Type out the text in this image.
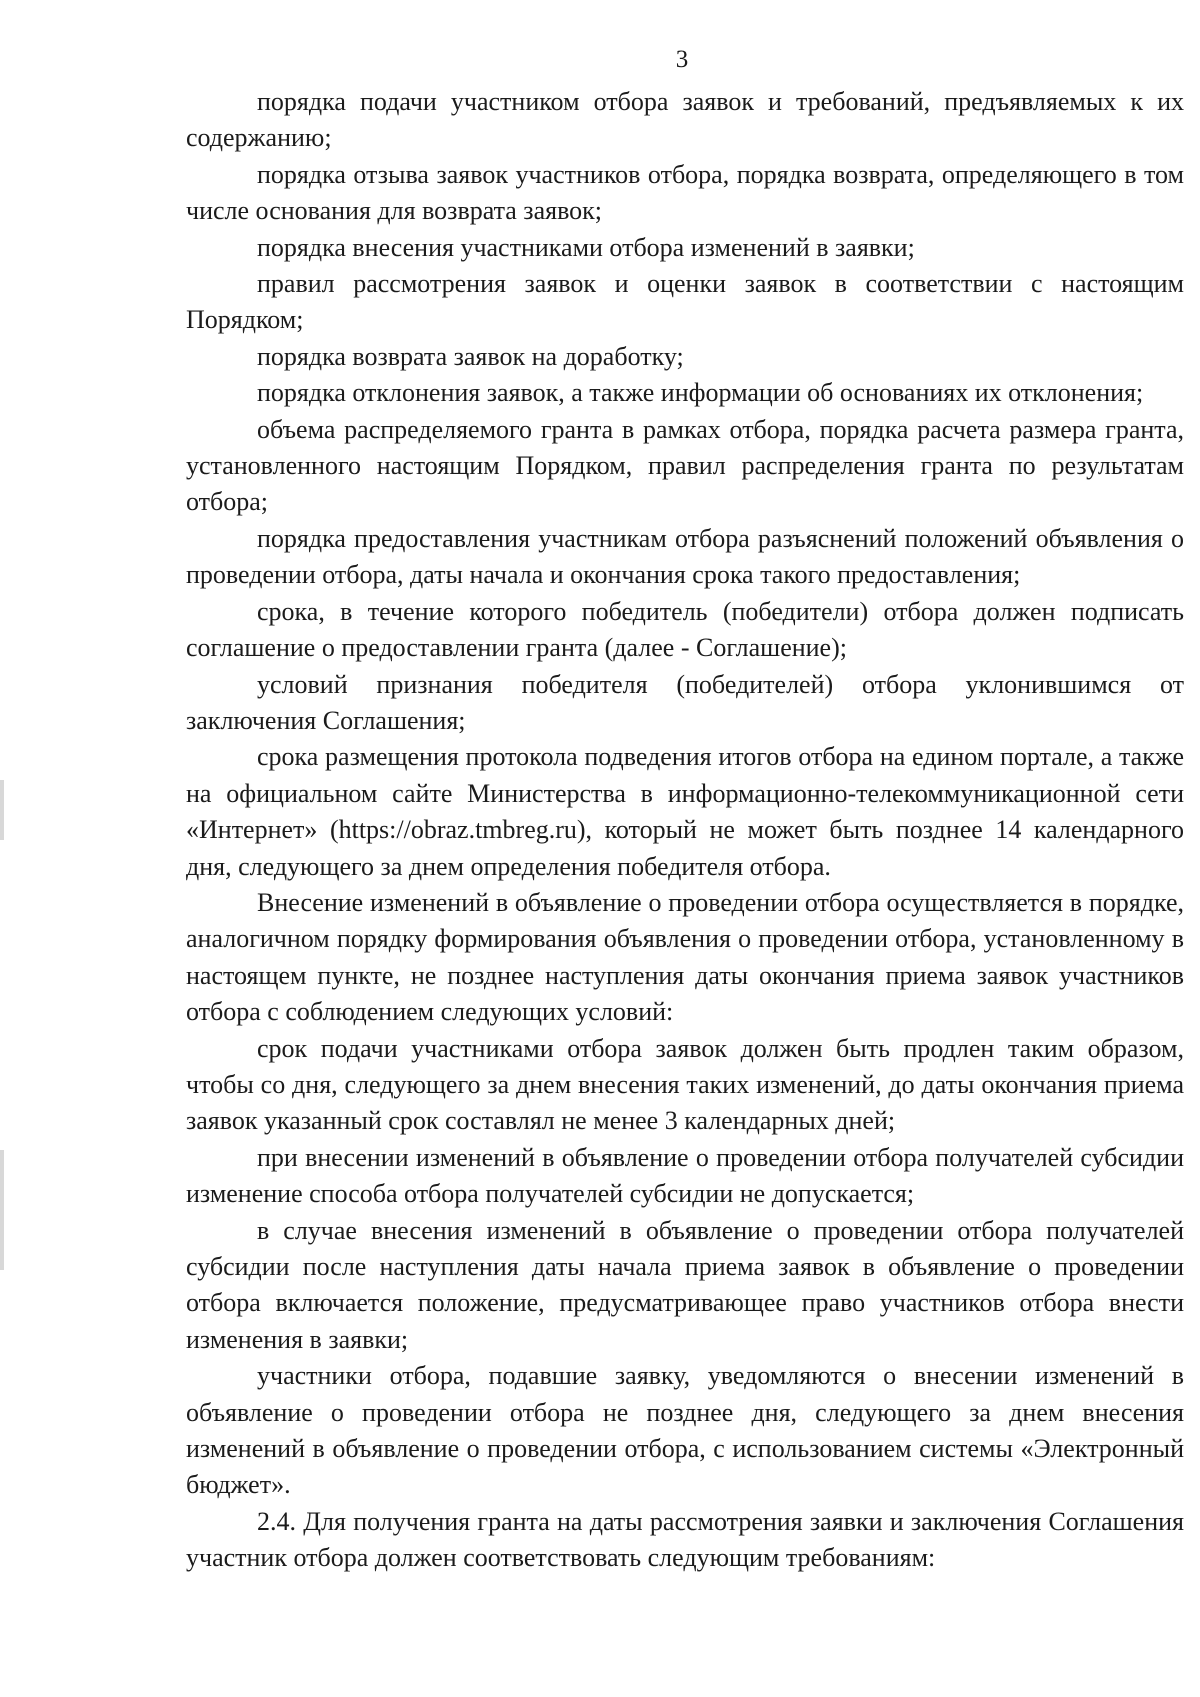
3

порядка подачи участником отбора заявок и требований, предъявляемых к их содержанию;

порядка отзыва заявок участников отбора, порядка возврата, определяющего в том числе основания для возврата заявок;

порядка внесения участниками отбора изменений в заявки;

правил рассмотрения заявок и оценки заявок в соответствии с настоящим Порядком;

порядка возврата заявок на доработку;

порядка отклонения заявок, а также информации об основаниях их отклонения;

объема распределяемого гранта в рамках отбора, порядка расчета размера гранта, установленного настоящим Порядком, правил распределения гранта по результатам отбора;

порядка предоставления участникам отбора разъяснений положений объявления о проведении отбора, даты начала и окончания срока такого предоставления;

срока, в течение которого победитель (победители) отбора должен подписать соглашение о предоставлении гранта (далее - Соглашение);

условий признания победителя (победителей) отбора уклонившимся от заключения Соглашения;

срока размещения протокола подведения итогов отбора на едином портале, а также на официальном сайте Министерства в информационно-телекоммуникационной сети «Интернет» (https://obraz.tmbreg.ru), который не может быть позднее 14 календарного дня, следующего за днем определения победителя отбора.

Внесение изменений в объявление о проведении отбора осуществляется в порядке, аналогичном порядку формирования объявления о проведении отбора, установленному в настоящем пункте, не позднее наступления даты окончания приема заявок участников отбора с соблюдением следующих условий:

срок подачи участниками отбора заявок должен быть продлен таким образом, чтобы со дня, следующего за днем внесения таких изменений, до даты окончания приема заявок указанный срок составлял не менее 3 календарных дней;

при внесении изменений в объявление о проведении отбора получателей субсидии изменение способа отбора получателей субсидии не допускается;

в случае внесения изменений в объявление о проведении отбора получателей субсидии после наступления даты начала приема заявок в объявление о проведении отбора включается положение, предусматривающее право участников отбора внести изменения в заявки;

участники отбора, подавшие заявку, уведомляются о внесении изменений в объявление о проведении отбора не позднее дня, следующего за днем внесения изменений в объявление о проведении отбора, с использованием системы «Электронный бюджет».

2.4. Для получения гранта на даты рассмотрения заявки и заключения Соглашения участник отбора должен соответствовать следующим требованиям:
